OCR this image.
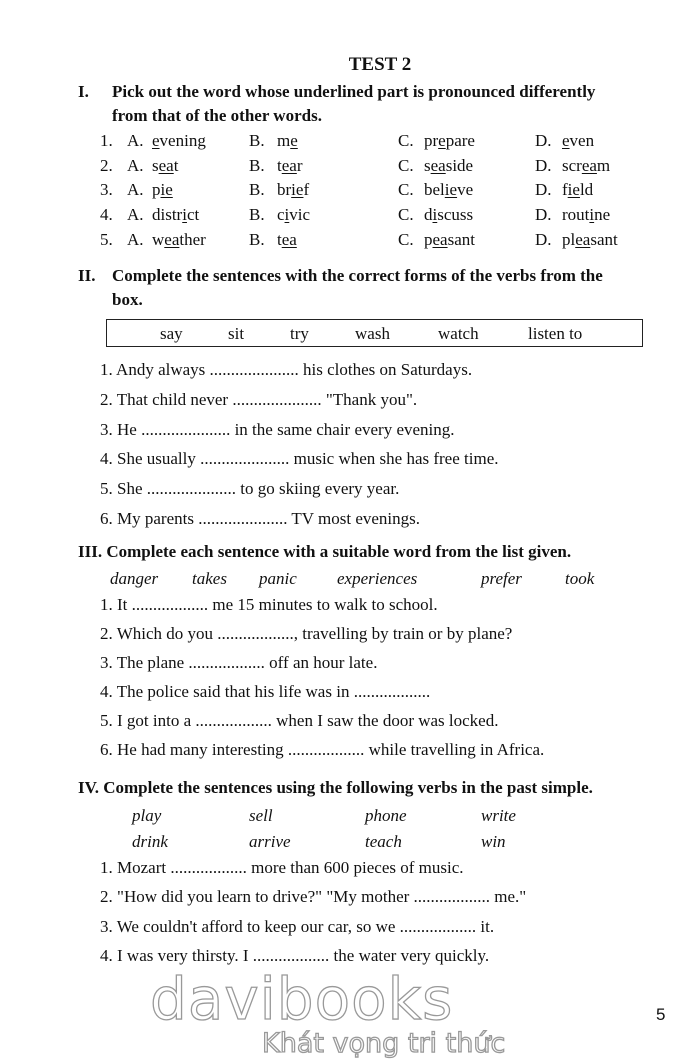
TEST 2
I. Pick out the word whose underlined part is pronounced differently
from that of the other words.
1. A. evening	B. me	C. prepare	D. even
2. A. seat	B. tear	C. seaside	D. scream
3. A. pie	B. brief	C. believe	D. field
4. A. district	B. civic	C. discuss	D. routine
5. A. weather	B. tea	C. peasant	D. pleasant
II. Complete the sentences with the correct forms of the verbs from the
box.
say	sit	try	wash	watch	listen to
1. Andy always ..................... his clothes on Saturdays.
2. That child never ..................... "Thank you".
3. He ..................... in the same chair every evening.
4. She usually ..................... music when she has free time.
5. She ..................... to go skiing every year.
6. My parents ..................... TV most evenings.
III. Complete each sentence with a suitable word from the list given.
danger takes panic experiences	prefer	took
1. It .................. me 15 minutes to walk to school.
2. Which do you .................., travelling by train or by plane?
3. The plane .................. off an hour late.
4. The police said that his life was in ..................
5. I got into a .................. when I saw the door was locked.
6. He had many interesting .................. while travelling in Africa.
IV. Complete the sentences using the following verbs in the past simple.
play	sell	phone	write
drink	arrive	teach	win
1. Mozart .................. more than 600 pieces of music.
2. "How did you learn to drive?" "My mother .................. me."
3. We couldn't afford to keep our car, so we .................. it.
4. I was very thirsty. I .................. the water very quickly.
davibooks
Khát vọng tri thức
5
